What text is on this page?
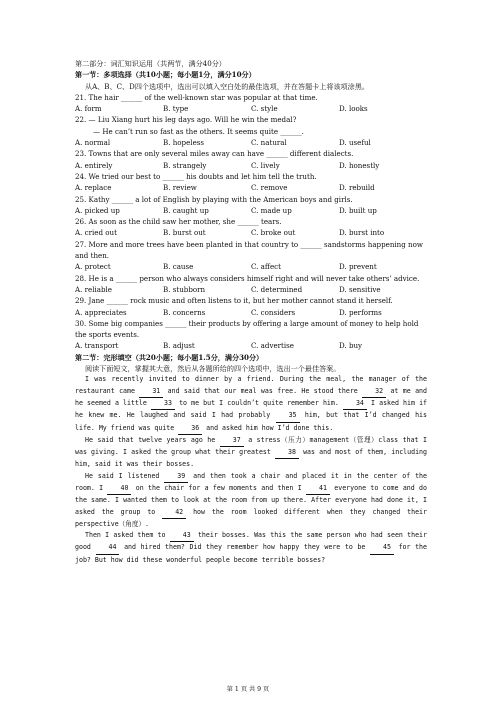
第二部分：词汇知识运用（共两节，满分40分）
第一节：多项选择（共10小题；每小题1分，满分10分）
从A、B、C、D四个选项中，选出可以填入空白处的最佳选项，并在答题卡上将该项涂黑。
21. The hair ______ of the well-known star was popular at that time.
A. form	B. type	C. style	D. looks
22. — Liu Xiang hurt his leg days ago. Will he win the medal?
— He can’t run so fast as the others. It seems quite ______.
A. normal	B. hopeless	C. natural	D. useful
23. Towns that are only several miles away can have ______ different dialects.
A. entirely	B. strangely	C. lively	D. honestly
24. We tried our best to ______ his doubts and let him tell the truth.
A. replace	B. review	C. remove	D. rebuild
25. Kathy ______ a lot of English by playing with the American boys and girls.
A. picked up	B. caught up	C. made up	D. built up
26. As soon as the child saw her mother, she ______ tears.
A. cried out	B. burst out	C. broke out	D. burst into
27. More and more trees have been planted in that country to ______ sandstorms happening now
and then.
A. protect	B. cause	C. affect	D. prevent
28. He is a ______ person who always considers himself right and will never take others’ advice.
A. reliable	B. stubborn	C. determined	D. sensitive
29. Jane ______ rock music and often listens to it, but her mother cannot stand it herself.
A. appreciates	B. concerns	C. considers	D. performs
30. Some big companies ______ their products by offering a large amount of money to help hold
the sports events.
A. transport	B. adjust	C. advertise	D. buy
第二节：完形填空（共20小题；每小题1.5分，满分30分）
阅读下面短文，掌握其大意，然后从各题所给的四个选项中，选出一个最佳答案。

I was recently invited to dinner by a friend. During the meal, the manager of the restaurant came 31 and said that our meal was free. He stood there 32 at me and he seemed a little 33 to me but I couldn’t quite remember him. 34 I asked him if he knew me. He laughed and said I had probably 35 him, but that I’d changed his life. My friend was quite 36 and asked him how I’d done this.

He said that twelve years ago he 37 a stress（压力）management（管理）class that I was giving. I asked the group what their greatest 38 was and most of them, including him, said it was their bosses.

He said I listened 39 and then took a chair and placed it in the center of the room. I 40 on the chair for a few moments and then I 41 everyone to come and do the same. I wanted them to look at the room from up there. After everyone had done it, I asked the group to 42 how the room looked different when they changed their perspective（角度）.

Then I asked them to 43 their bosses. Was this the same person who had seen their good 44 and hired them? Did they remember how happy they were to be 45 for the job? But how did these wonderful people become terrible bosses?

第 1 页 共 9 页
